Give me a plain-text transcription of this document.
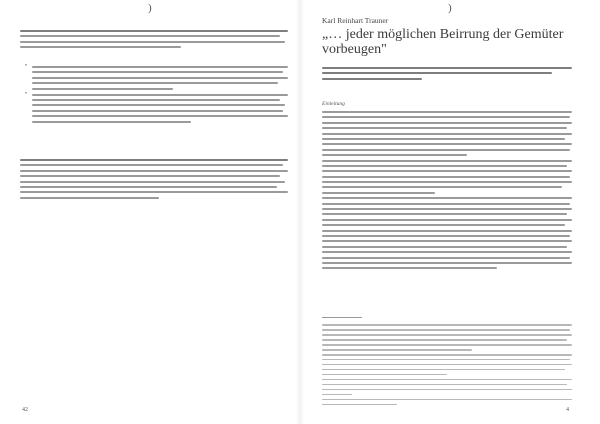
)
•
•
42
)
Karl Reinhart Trauner
„… jeder möglichen Beirrung der Gemüter vorbeugen"
Einleitung
4
